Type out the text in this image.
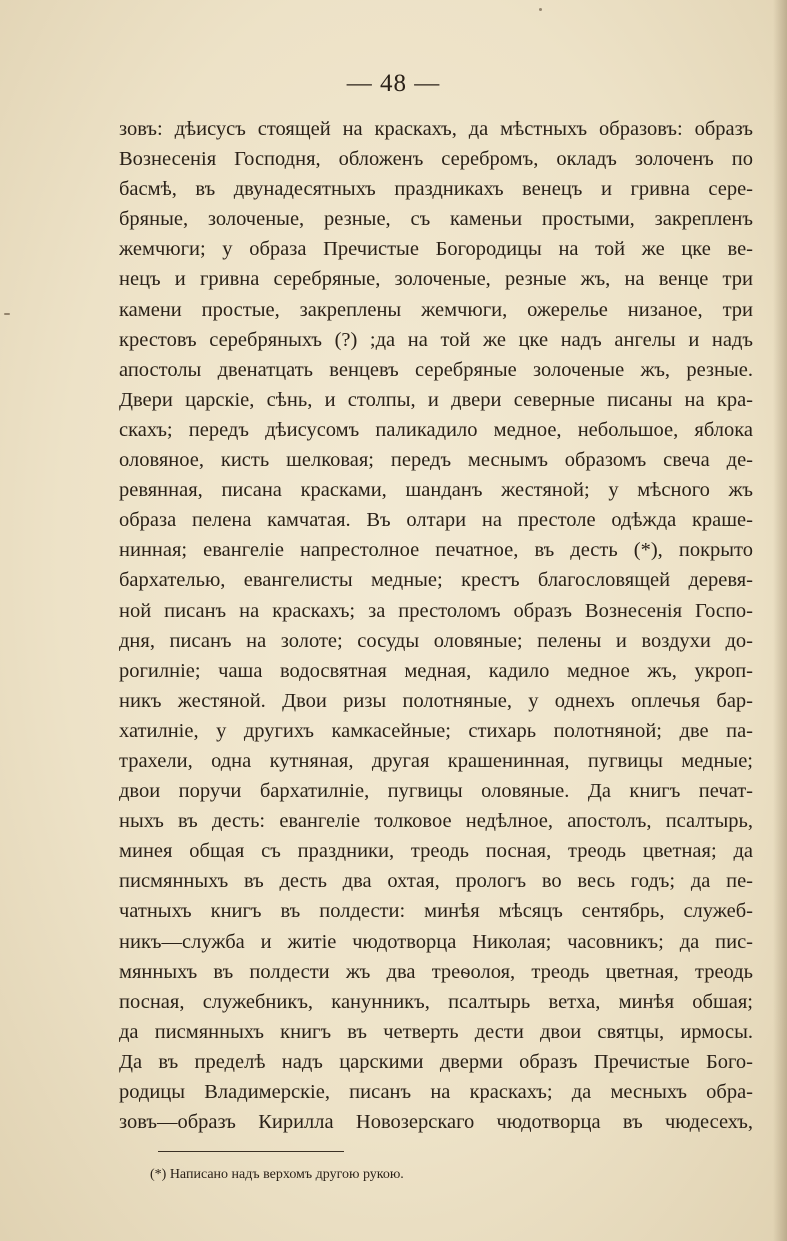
— 48 —
зовъ: дѣисусъ стоящей на краскахъ, да мѣстныхъ образовъ: образъ
Вознесенія Господня, обложенъ серебромъ, окладъ золоченъ по
басмѣ, въ двунадесятныхъ праздникахъ венецъ и гривна сере-
бряные, золоченые, резные, съ каменьи простыми, закрепленъ
жемчюги; у образа Пречистые Богородицы на той же цке ве-
нецъ и гривна серебряные, золоченые, резные жъ, на венце три
камени простые, закреплены жемчюги, ожерелье низаное, три
крестовъ серебряныхъ (?) ;да на той же цке надъ ангелы и надъ
апостолы двенатцать венцевъ серебряные золоченые жъ, резные.
Двери царскіе, сѣнь, и столпы, и двери северные писаны на кра-
скахъ; передъ дѣисусомъ паликадило медное, небольшое, яблока
оловяное, кисть шелковая; передъ меснымъ образомъ свеча де-
ревянная, писана красками, шанданъ жестяной; у мѣсного жъ
образа пелена камчатая. Въ олтари на престоле одѣжда краше-
нинная; евангеліе напрестолное печатное, въ десть (*), покрыто
бархателью, евангелисты медные; крестъ благословящей деревя-
ной писанъ на краскахъ; за престоломъ образъ Вознесенія Госпо-
дня, писанъ на золоте; сосуды оловяные; пелены и воздухи до-
рогилніе; чаша водосвятная медная, кадило медное жъ, укроп-
никъ жестяной. Двои ризы полотняные, у однехъ оплечья бар-
хатилніе, у другихъ камкасейные; стихарь полотняной; две па-
трахели, одна кутняная, другая крашенинная, пугвицы медные;
двои поручи бархатилніе, пугвицы оловяные. Да книгъ печат-
ныхъ въ десть: евангеліе толковое недѣлное, апостолъ, псалтырь,
минея общая съ праздники, треодь посная, треодь цветная; да
писмянныхъ въ десть два охтая, прологъ во весь годъ; да пе-
чатныхъ книгъ въ полдести: минѣя мѣсяцъ сентябрь, служеб-
никъ—служба и житіе чюдотворца Николая; часовникъ; да пис-
мянныхъ въ полдести жъ два треѳолоя, треодь цветная, треодь
посная, служебникъ, канунникъ, псалтырь ветха, минѣя обшая;
да писмянныхъ книгъ въ четверть дести двои святцы, ирмосы.
Да въ пределѣ надъ царскими дверми образъ Пречистые Бого-
родицы Владимерскіе, писанъ на краскахъ; да месныхъ обра-
зовъ—образъ Кирилла Новозерскаго чюдотворца въ чюдесехъ,
(*) Написано надъ верхомъ другою рукою.
